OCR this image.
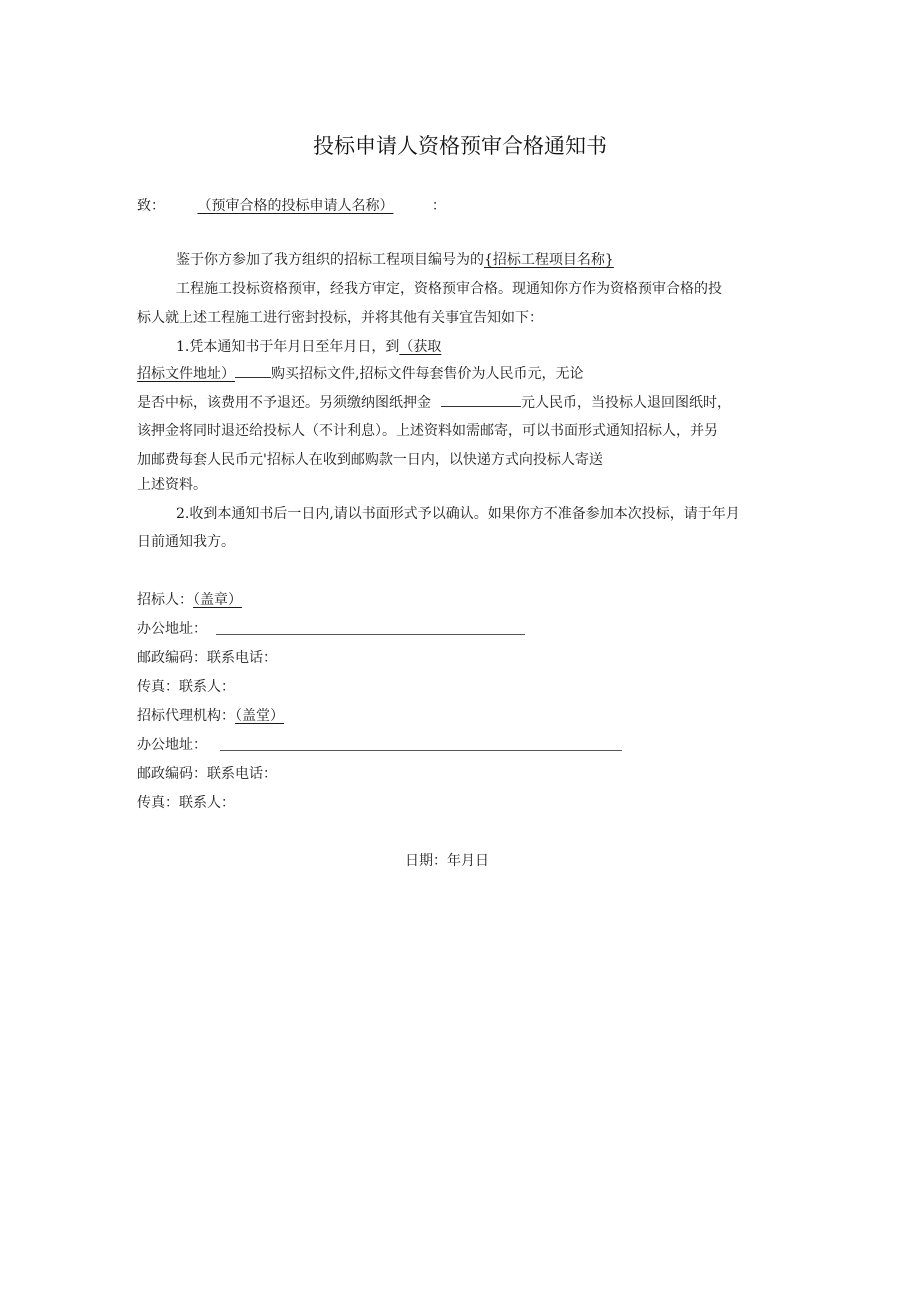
投标申请人资格预审合格通知书
致： （预审合格的投标申请人名称）	：
鉴于你方参加了我方组织的招标工程项目编号为的{招标工程项目名称}
工程施工投标资格预审，经我方审定，资格预审合格。现通知你方作为资格预审合格的投
标人就上述工程施工进行密封投标，并将其他有关事宜告知如下：
1.凭本通知书于年月日至年月日，到（获取
招标文件地址）	购买招标文件,招标文件每套售价为人民币元，无论
是否中标，该费用不予退还。另须缴纳图纸押金	元人民币，当投标人退回图纸时，
该押金将同时退还给投标人（不计利息）。上述资料如需邮寄，可以书面形式通知招标人，并另
加邮费每套人民币元'招标人在收到邮购款一日内，以快递方式向投标人寄送
上述资料。
2.收到本通知书后一日内,请以书面形式予以确认。如果你方不准备参加本次投标，请于年月
日前通知我方。
招标人：（盖章）
办公地址：
邮政编码：联系电话：
传真：联系人：
招标代理机构：（盖堂）
办公地址：
邮政编码：联系电话：
传真：联系人：
日期：年月日
